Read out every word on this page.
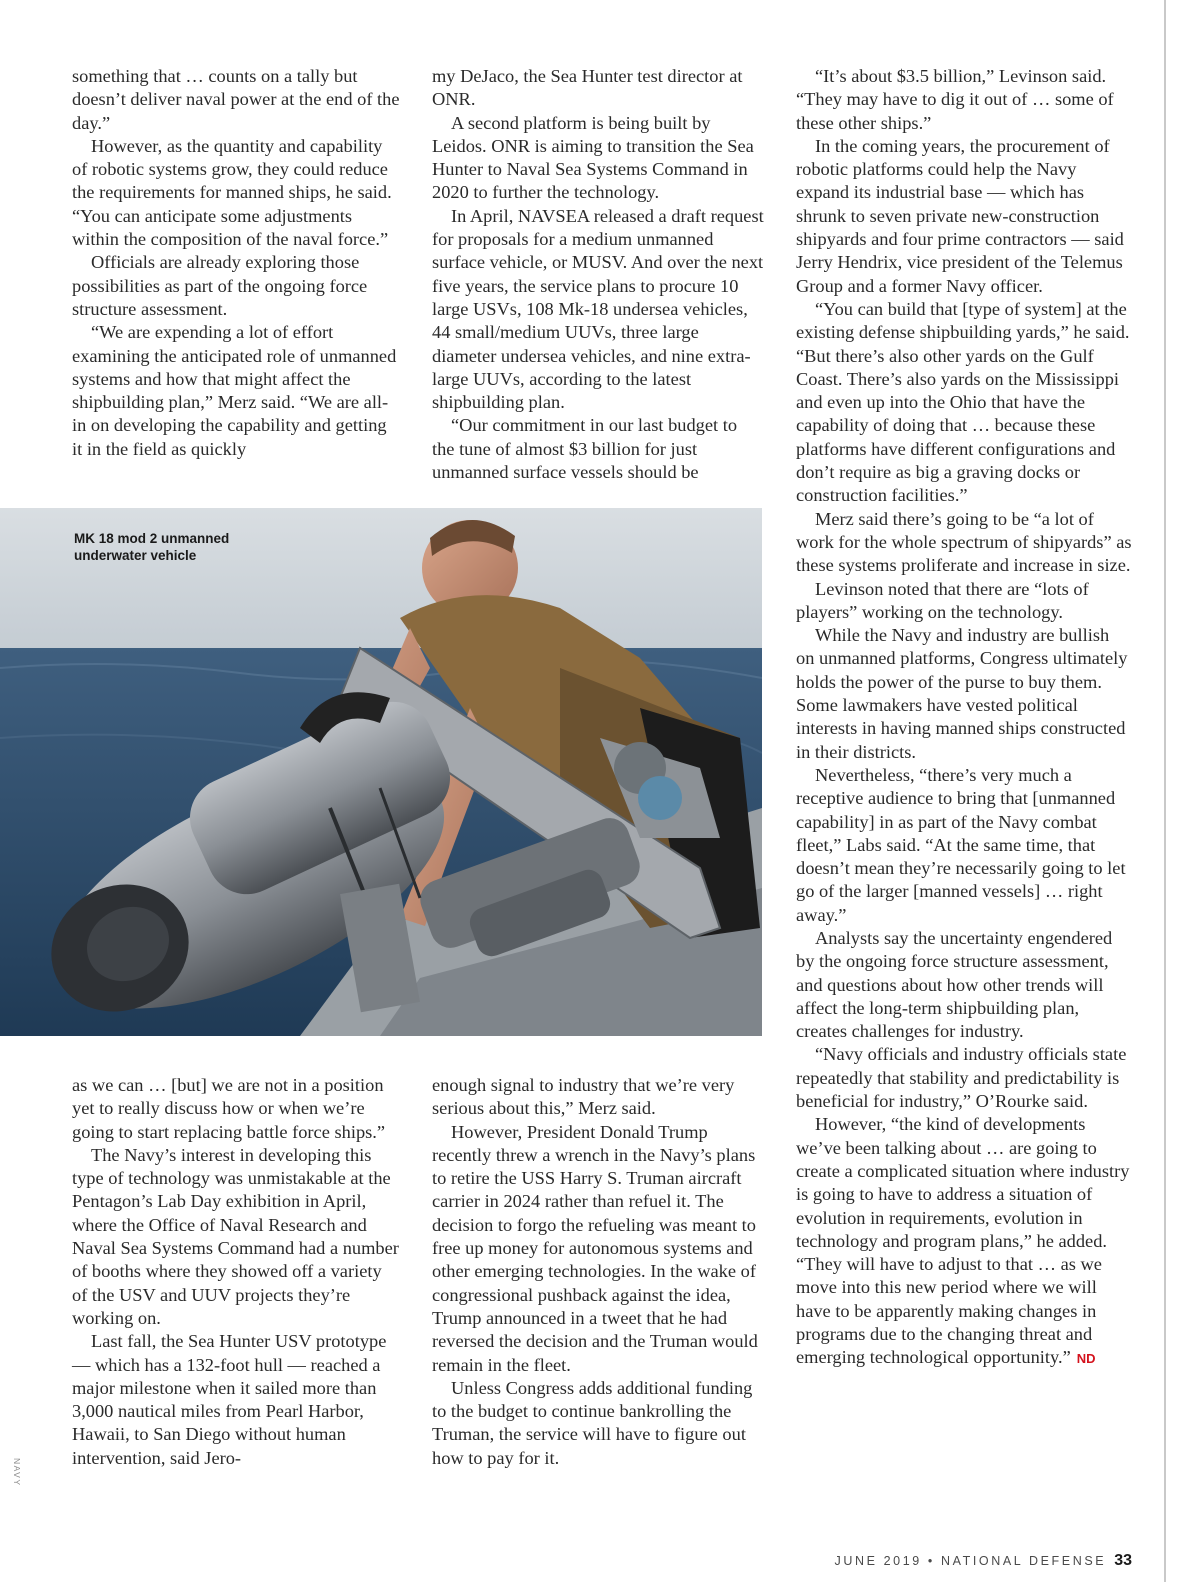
something that … counts on a tally but doesn’t deliver naval power at the end of the day.”

However, as the quantity and capability of robotic systems grow, they could reduce the requirements for manned ships, he said. “You can anticipate some adjustments within the composition of the naval force.”

Officials are already exploring those possibilities as part of the ongoing force structure assessment.

“We are expending a lot of effort examining the anticipated role of unmanned systems and how that might affect the shipbuilding plan,” Merz said. “We are all-in on developing the capability and getting it in the field as quickly

my DeJaco, the Sea Hunter test director at ONR.

A second platform is being built by Leidos. ONR is aiming to transition the Sea Hunter to Naval Sea Systems Command in 2020 to further the technology.

In April, NAVSEA released a draft request for proposals for a medium unmanned surface vehicle, or MUSV. And over the next five years, the service plans to procure 10 large USVs, 108 Mk-18 undersea vehicles, 44 small/medium UUVs, three large diameter undersea vehicles, and nine extra-large UUVs, according to the latest shipbuilding plan.

“Our commitment in our last budget to the tune of almost $3 billion for just unmanned surface vessels should be

MK 18 mod 2 unmanned
underwater vehicle

as we can … [but] we are not in a position yet to really discuss how or when we’re going to start replacing battle force ships.”

The Navy’s interest in developing this type of technology was unmistakable at the Pentagon’s Lab Day exhibition in April, where the Office of Naval Research and Naval Sea Systems Command had a number of booths where they showed off a variety of the USV and UUV projects they’re working on.

Last fall, the Sea Hunter USV prototype — which has a 132-foot hull — reached a major milestone when it sailed more than 3,000 nautical miles from Pearl Harbor, Hawaii, to San Diego without human intervention, said Jero-

enough signal to industry that we’re very serious about this,” Merz said.

However, President Donald Trump recently threw a wrench in the Navy’s plans to retire the USS Harry S. Truman aircraft carrier in 2024 rather than refuel it. The decision to forgo the refueling was meant to free up money for autonomous systems and other emerging technologies. In the wake of congressional pushback against the idea, Trump announced in a tweet that he had reversed the decision and the Truman would remain in the fleet.

Unless Congress adds additional funding to the budget to continue bankrolling the Truman, the service will have to figure out how to pay for it.

“It’s about $3.5 billion,” Levinson said. “They may have to dig it out of … some of these other ships.”

In the coming years, the procurement of robotic platforms could help the Navy expand its industrial base — which has shrunk to seven private new-construction shipyards and four prime contractors — said Jerry Hendrix, vice president of the Telemus Group and a former Navy officer.

“You can build that [type of system] at the existing defense shipbuilding yards,” he said. “But there’s also other yards on the Gulf Coast. There’s also yards on the Mississippi and even up into the Ohio that have the capability of doing that … because these platforms have different configurations and don’t require as big a graving docks or construction facilities.”

Merz said there’s going to be “a lot of work for the whole spectrum of shipyards” as these systems proliferate and increase in size.

Levinson noted that there are “lots of players” working on the technology.

While the Navy and industry are bullish on unmanned platforms, Congress ultimately holds the power of the purse to buy them. Some lawmakers have vested political interests in having manned ships constructed in their districts.

Nevertheless, “there’s very much a receptive audience to bring that [unmanned capability] in as part of the Navy combat fleet,” Labs said. “At the same time, that doesn’t mean they’re necessarily going to let go of the larger [manned vessels] … right away.”

Analysts say the uncertainty engendered by the ongoing force structure assessment, and questions about how other trends will affect the long-term shipbuilding plan, creates challenges for industry.

“Navy officials and industry officials state repeatedly that stability and predictability is beneficial for industry,” O’Rourke said.

However, “the kind of developments we’ve been talking about … are going to create a complicated situation where industry is going to have to address a situation of evolution in requirements, evolution in technology and program plans,” he added. “They will have to adjust to that … as we move into this new period where we will have to be apparently making changes in programs due to the changing threat and emerging technological opportunity.” ND

NAVY
JUNE 2019 • NATIONAL DEFENSE 33
